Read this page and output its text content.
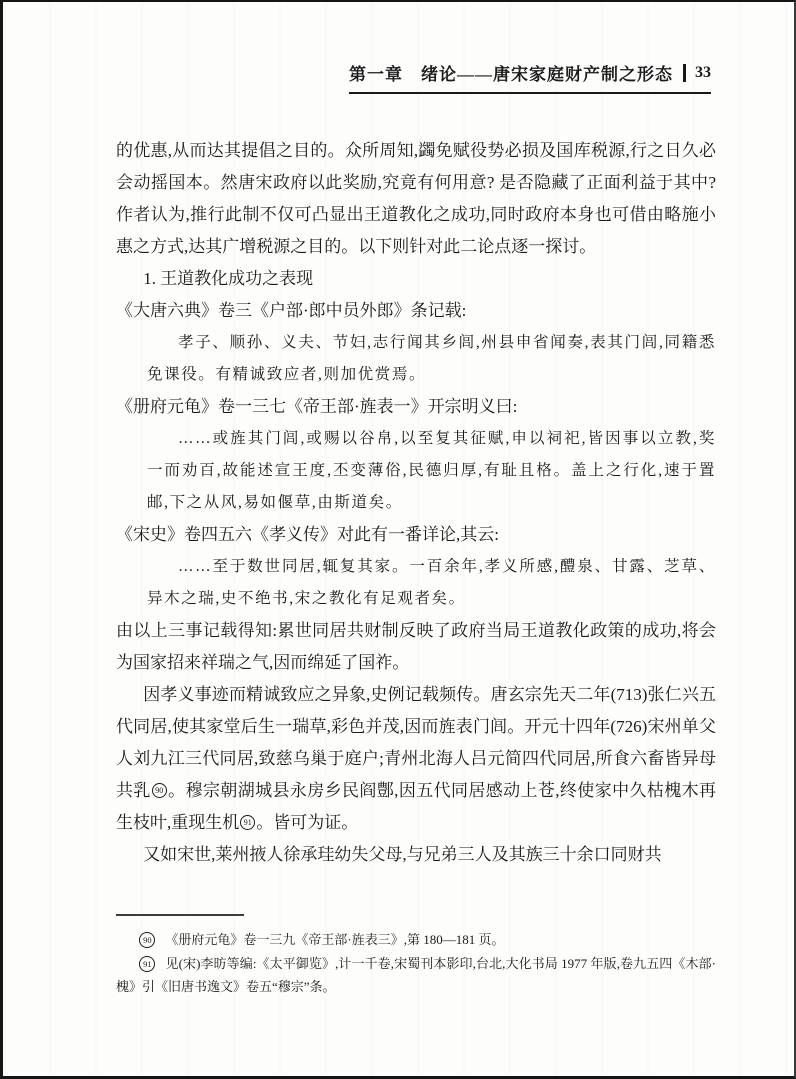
第一章　绪论——唐宋家庭财产制之形态 33
的优惠,从而达其提倡之目的。众所周知,蠲免赋役势必损及国库税源,行之日久必会动摇国本。然唐宋政府以此奖励,究竟有何用意? 是否隐藏了正面利益于其中? 作者认为,推行此制不仅可凸显出王道教化之成功,同时政府本身也可借由略施小惠之方式,达其广增税源之目的。以下则针对此二论点逐一探讨。
1. 王道教化成功之表现
《大唐六典》卷三《户部·郎中员外郎》条记载:
孝子、顺孙、义夫、节妇,志行闻其乡闾,州县申省闻奏,表其门闾,同籍悉免课役。有精诚致应者,则加优赏焉。
《册府元龟》卷一三七《帝王部·旌表一》开宗明义曰:
……或旌其门闾,或赐以谷帛,以至复其征赋,申以祠祀,皆因事以立教,奖一而劝百,故能述宣王度,丕变薄俗,民德归厚,有耻且格。盖上之行化,速于置邮,下之从风,易如偃草,由斯道矣。
《宋史》卷四五六《孝义传》对此有一番详论,其云:
……至于数世同居,辄复其家。一百余年,孝义所感,醴泉、甘露、芝草、异木之瑞,史不绝书,宋之教化有足观者矣。
由以上三事记载得知:累世同居共财制反映了政府当局王道教化政策的成功,将会为国家招来祥瑞之气,因而绵延了国祚。
因孝义事迹而精诚致应之异象,史例记载频传。唐玄宗先天二年(713)张仁兴五代同居,使其家堂后生一瑞草,彩色并茂,因而旌表门闾。开元十四年(726)宋州单父人刘九江三代同居,致慈乌巢于庭户;青州北海人吕元简四代同居,所食六畜皆异母共乳 90 。穆宗朝湖城县永房乡民阎鄷,因五代同居感动上苍,终使家中久枯槐木再生枝叶,重现生机 91 。皆可为证。
又如宋世,莱州掖人徐承珪幼失父母,与兄弟三人及其族三十余口同财共
90 《册府元龟》卷一三九《帝王部·旌表三》,第 180—181 页。
91 见(宋)李昉等编:《太平御览》,计一千卷,宋蜀刊本影印,台北,大化书局 1977 年版,卷九五四《木部·槐》引《旧唐书逸文》卷五“穆宗”条。
